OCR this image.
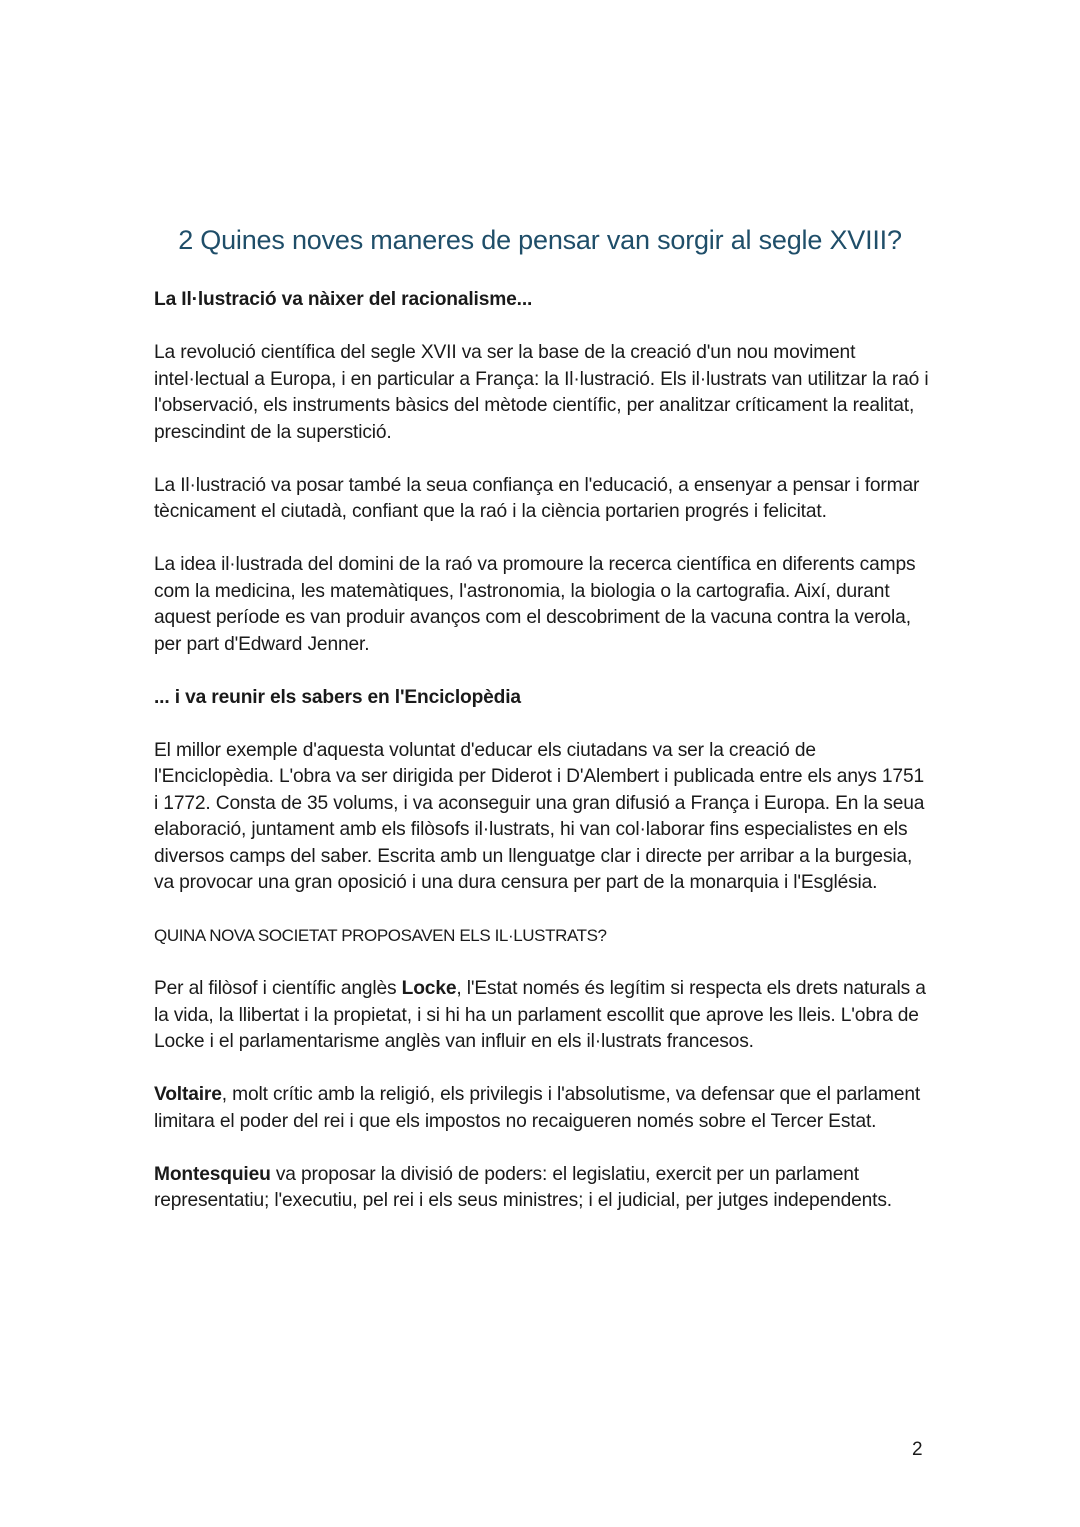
2 Quines noves maneres de pensar van sorgir al segle XVIII?

La Il·lustració va nàixer del racionalisme...

La revolució científica del segle XVII va ser la base de la creació d'un nou moviment intel·lectual a Europa, i en particular a França: la Il·lustració. Els il·lustrats van utilitzar la raó i l'observació, els instruments bàsics del mètode científic, per analitzar críticament la realitat, prescindint de la superstició.

La Il·lustració va posar també la seua confiança en l'educació, a ensenyar a pensar i formar tècnicament el ciutadà, confiant que la raó i la ciència portarien progrés i felicitat.

La idea il·lustrada del domini de la raó va promoure la recerca científica en diferents camps com la medicina, les matemàtiques, l'astronomia, la biologia o la cartografia. Així, durant aquest període es van produir avanços com el descobriment de la vacuna contra la verola, per part d'Edward Jenner.

... i va reunir els sabers en l'Enciclopèdia

El millor exemple d'aquesta voluntat d'educar els ciutadans va ser la creació de l'Enciclopèdia. L'obra va ser dirigida per Diderot i D'Alembert i publicada entre els anys 1751 i 1772. Consta de 35 volums, i va aconseguir una gran difusió a França i Europa. En la seua elaboració, juntament amb els filòsofs il·lustrats, hi van col·laborar fins especialistes en els diversos camps del saber. Escrita amb un llenguatge clar i directe per arribar a la burgesia, va provocar una gran oposició i una dura censura per part de la monarquia i l'Església.

QUINA NOVA SOCIETAT PROPOSAVEN ELS IL·LUSTRATS?

Per al filòsof i científic anglès Locke, l'Estat només és legítim si respecta els drets naturals a la vida, la llibertat i la propietat, i si hi ha un parlament escollit que aprove les lleis. L'obra de Locke i el parlamentarisme anglès van influir en els il·lustrats francesos.

Voltaire, molt crític amb la religió, els privilegis i l'absolutisme, va defensar que el parlament limitara el poder del rei i que els impostos no recaigueren només sobre el Tercer Estat.

Montesquieu va proposar la divisió de poders: el legislatiu, exercit per un parlament representatiu; l'executiu, pel rei i els seus ministres; i el judicial, per jutges independents.

2
